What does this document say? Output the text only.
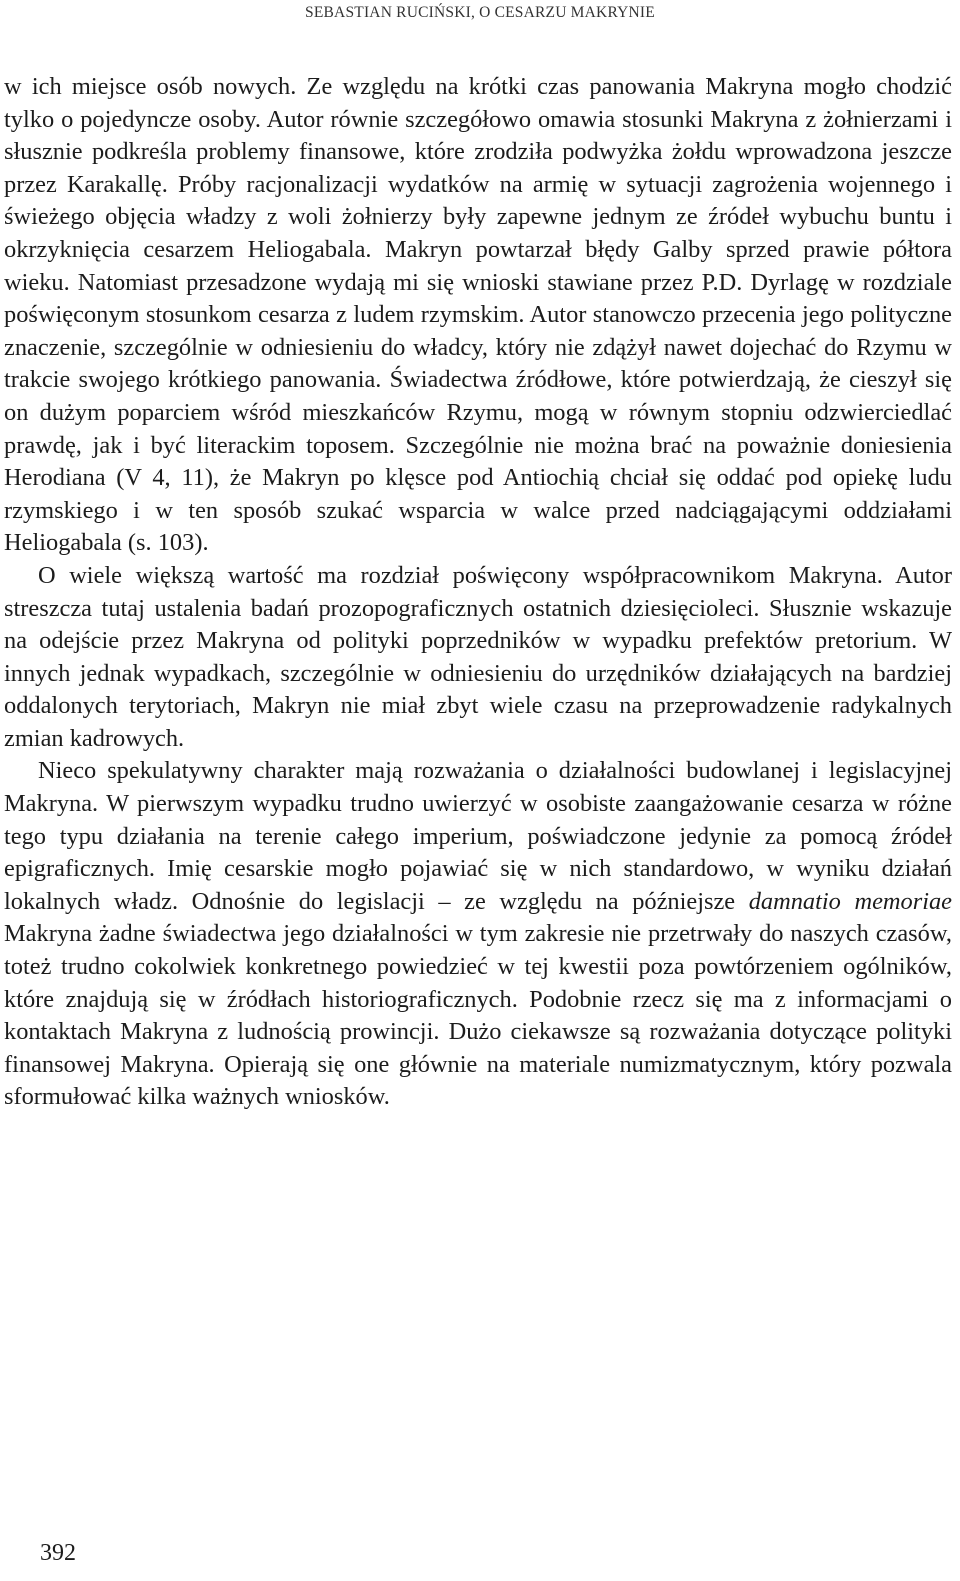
SEBASTIAN RUCIŃSKI, O CESARZU MAKRYNIE

w ich miejsce osób nowych. Ze względu na krótki czas panowania Makryna mogło chodzić tylko o pojedyncze osoby. Autor równie szczegółowo omawia stosunki Makryna z żołnierzami i słusznie podkreśla problemy finansowe, które zrodziła podwyżka żołdu wprowadzona jeszcze przez Karakallę. Próby racjonalizacji wydatków na armię w sytuacji zagrożenia wojennego i świeżego objęcia władzy z woli żołnierzy były zapewne jednym ze źródeł wybuchu buntu i okrzyknięcia cesarzem Heliogabala. Makryn powtarzał błędy Galby sprzed prawie półtora wieku. Natomiast przesadzone wydają mi się wnioski stawiane przez P.D. Dyrlagę w rozdziale poświęconym stosunkom cesarza z ludem rzymskim. Autor stanowczo przecenia jego polityczne znaczenie, szczególnie w odniesieniu do władcy, który nie zdążył nawet dojechać do Rzymu w trakcie swojego krótkiego panowania. Świadectwa źródłowe, które potwierdzają, że cieszył się on dużym poparciem wśród mieszkańców Rzymu, mogą w równym stopniu odzwierciedlać prawdę, jak i być literackim toposem. Szczególnie nie można brać na poważnie doniesienia Herodiana (V 4, 11), że Makryn po klęsce pod Antiochią chciał się oddać pod opiekę ludu rzymskiego i w ten sposób szukać wsparcia w walce przed nadciągającymi oddziałami Heliogabala (s. 103).

O wiele większą wartość ma rozdział poświęcony współpracownikom Makryna. Autor streszcza tutaj ustalenia badań prozopograficznych ostatnich dziesięcioleci. Słusznie wskazuje na odejście przez Makryna od polityki poprzedników w wypadku prefektów pretorium. W innych jednak wypadkach, szczególnie w odniesieniu do urzędników działających na bardziej oddalonych terytoriach, Makryn nie miał zbyt wiele czasu na przeprowadzenie radykalnych zmian kadrowych.

Nieco spekulatywny charakter mają rozważania o działalności budowlanej i legislacyjnej Makryna. W pierwszym wypadku trudno uwierzyć w osobiste zaangażowanie cesarza w różne tego typu działania na terenie całego imperium, poświadczone jedynie za pomocą źródeł epigraficznych. Imię cesarskie mogło pojawiać się w nich standardowo, w wyniku działań lokalnych władz. Odnośnie do legislacji – ze względu na późniejsze damnatio memoriae Makryna żadne świadectwa jego działalności w tym zakresie nie przetrwały do naszych czasów, toteż trudno cokolwiek konkretnego powiedzieć w tej kwestii poza powtórzeniem ogólników, które znajdują się w źródłach historiograficznych. Podobnie rzecz się ma z informacjami o kontaktach Makryna z ludnością prowincji. Dużo ciekawsze są rozważania dotyczące polityki finansowej Makryna. Opierają się one głównie na materiale numizmatycznym, który pozwala sformułować kilka ważnych wniosków.

392
